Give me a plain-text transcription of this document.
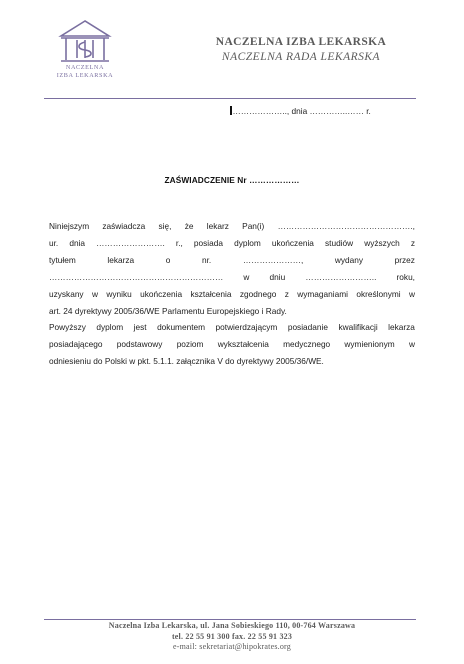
NACZELNA
IZBA LEKARSKA
NACZELNA IZBA LEKARSKA
NACZELNA RADA LEKARSKA
……………….., dnia …………..…… r.
ZAŚWIADCZENIE Nr ………………
Niniejszym zaświadcza się, że lekarz Pan(i) ………………………………………….,
ur. dnia ……………………. r., posiada dyplom ukończenia studiów wyższych z
tytułem	lekarza	o	nr.	…………………,	wydany	przez
……………………………………………………… w dniu …………………….. roku,
uzyskany w wyniku ukończenia kształcenia zgodnego z wymaganiami określonymi w
art. 24 dyrektywy 2005/36/WE Parlamentu Europejskiego i Rady.
Powyższy dyplom jest dokumentem potwierdzającym posiadanie kwalifikacji lekarza
posiadającego podstawowy poziom wykształcenia medycznego wymienionym w
odniesieniu do Polski w pkt. 5.1.1. załącznika V do dyrektywy 2005/36/WE.
Naczelna Izba Lekarska, ul. Jana Sobieskiego 110, 00-764 Warszawa
tel. 22 55 91 300 fax. 22 55 91 323
e-mail: sekretariat@hipokrates.org
